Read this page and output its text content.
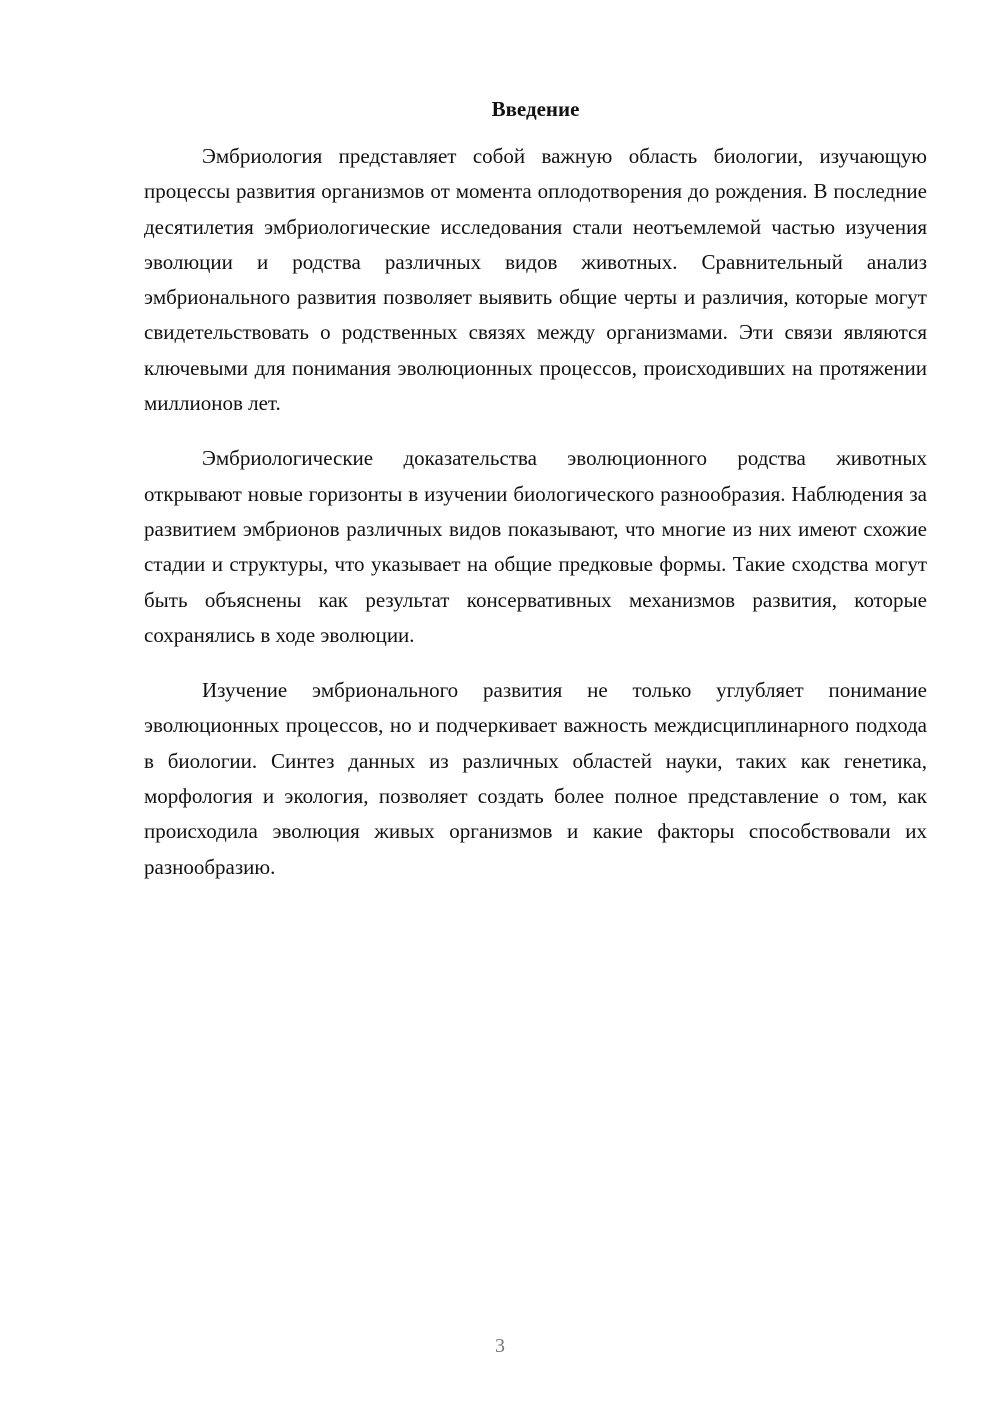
Введение

Эмбриология представляет собой важную область биологии, изучающую процессы развития организмов от момента оплодотворения до рождения. В последние десятилетия эмбриологические исследования стали неотъемлемой частью изучения эволюции и родства различных видов животных. Сравнительный анализ эмбрионального развития позволяет выявить общие черты и различия, которые могут свидетельствовать о родственных связях между организмами. Эти связи являются ключевыми для понимания эволюционных процессов, происходивших на протяжении миллионов лет.

Эмбриологические доказательства эволюционного родства животных открывают новые горизонты в изучении биологического разнообразия. Наблюдения за развитием эмбрионов различных видов показывают, что многие из них имеют схожие стадии и структуры, что указывает на общие предковые формы. Такие сходства могут быть объяснены как результат консервативных механизмов развития, которые сохранялись в ходе эволюции.

Изучение эмбрионального развития не только углубляет понимание эволюционных процессов, но и подчеркивает важность междисциплинарного подхода в биологии. Синтез данных из различных областей науки, таких как генетика, морфология и экология, позволяет создать более полное представление о том, как происходила эволюция живых организмов и какие факторы способствовали их разнообразию.

3
